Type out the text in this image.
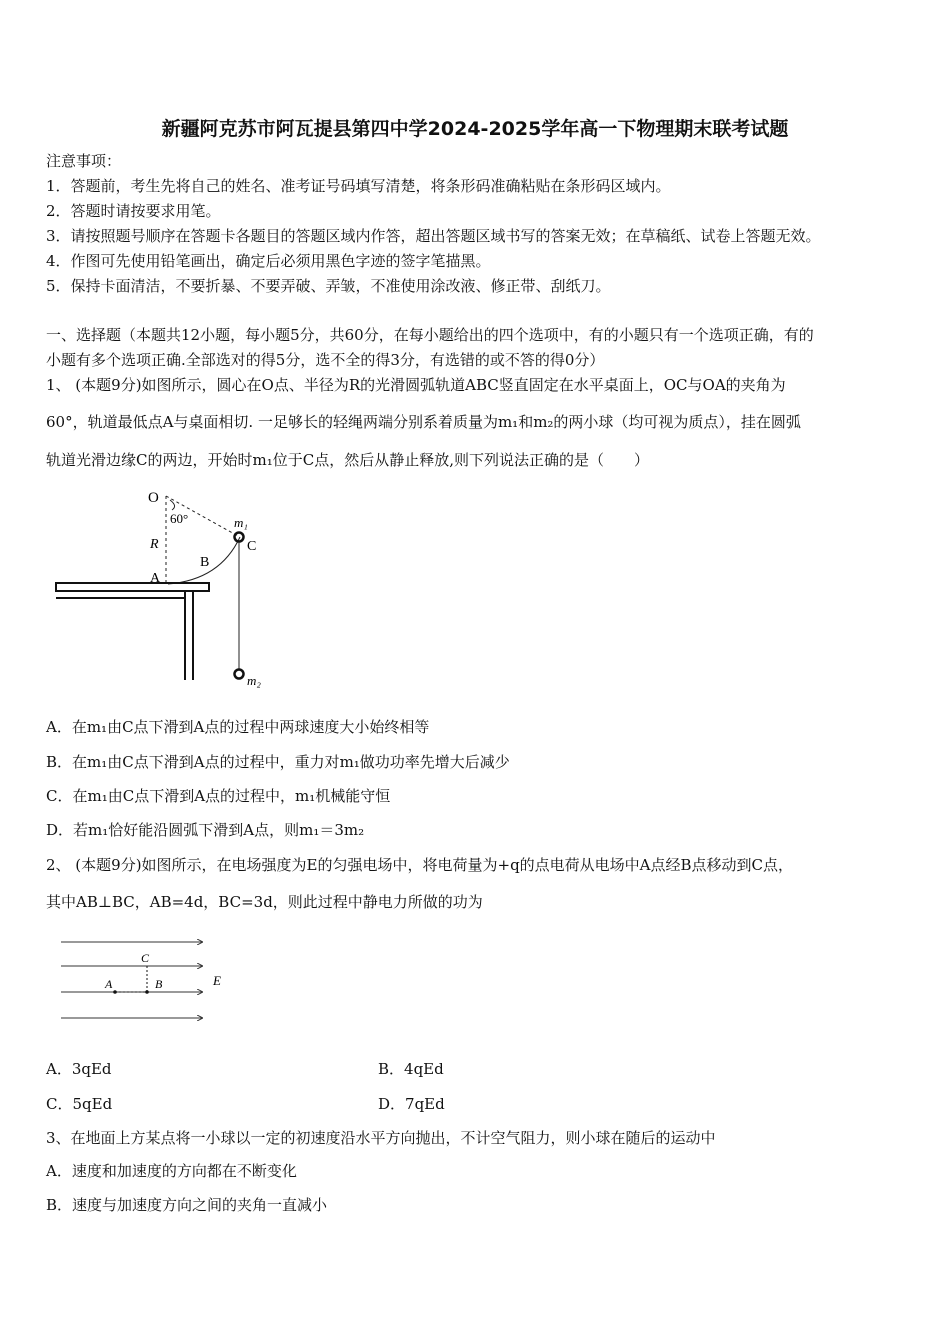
新疆阿克苏市阿瓦提县第四中学2024-2025学年高一下物理期末联考试题
注意事项：
1．答题前，考生先将自己的姓名、准考证号码填写清楚，将条形码准确粘贴在条形码区域内。
2．答题时请按要求用笔。
3．请按照题号顺序在答题卡各题目的答题区域内作答，超出答题区域书写的答案无效；在草稿纸、试卷上答题无效。
4．作图可先使用铅笔画出，确定后必须用黑色字迹的签字笔描黑。
5．保持卡面清洁，不要折暴、不要弄破、弄皱，不准使用涂改液、修正带、刮纸刀。
一、选择题（本题共12小题，每小题5分，共60分，在每小题给出的四个选项中，有的小题只有一个选项正确，有的
小题有多个选项正确.全部选对的得5分，选不全的得3分，有选错的或不答的得0分）
1、 (本题9分)如图所示，圆心在O点、半径为R的光滑圆弧轨道ABC竖直固定在水平桌面上，OC与OA的夹角为
60°，轨道最低点A与桌面相切. 一足够长的轻绳两端分别系着质量为m₁和m₂的两小球（均可视为质点），挂在圆弧
轨道光滑边缘C的两边，开始时m₁位于C点，然后从静止释放,则下列说法正确的是（　　）
O
60°
R
A
B
C
m₁
m₂
A．在m₁由C点下滑到A点的过程中两球速度大小始终相等
B．在m₁由C点下滑到A点的过程中，重力对m₁做功功率先增大后减少
C．在m₁由C点下滑到A点的过程中，m₁机械能守恒
D．若m₁恰好能沿圆弧下滑到A点，则m₁＝3m₂
2、 (本题9分)如图所示，在电场强度为E的匀强电场中，将电荷量为+q的点电荷从电场中A点经B点移动到C点，
其中AB⊥BC，AB=4d，BC=3d，则此过程中静电力所做的功为
C
A	B	E
A．3qEd	B．4qEd
C．5qEd	D．7qEd
3、在地面上方某点将一小球以一定的初速度沿水平方向抛出，不计空气阻力，则小球在随后的运动中
A．速度和加速度的方向都在不断变化
B．速度与加速度方向之间的夹角一直减小
